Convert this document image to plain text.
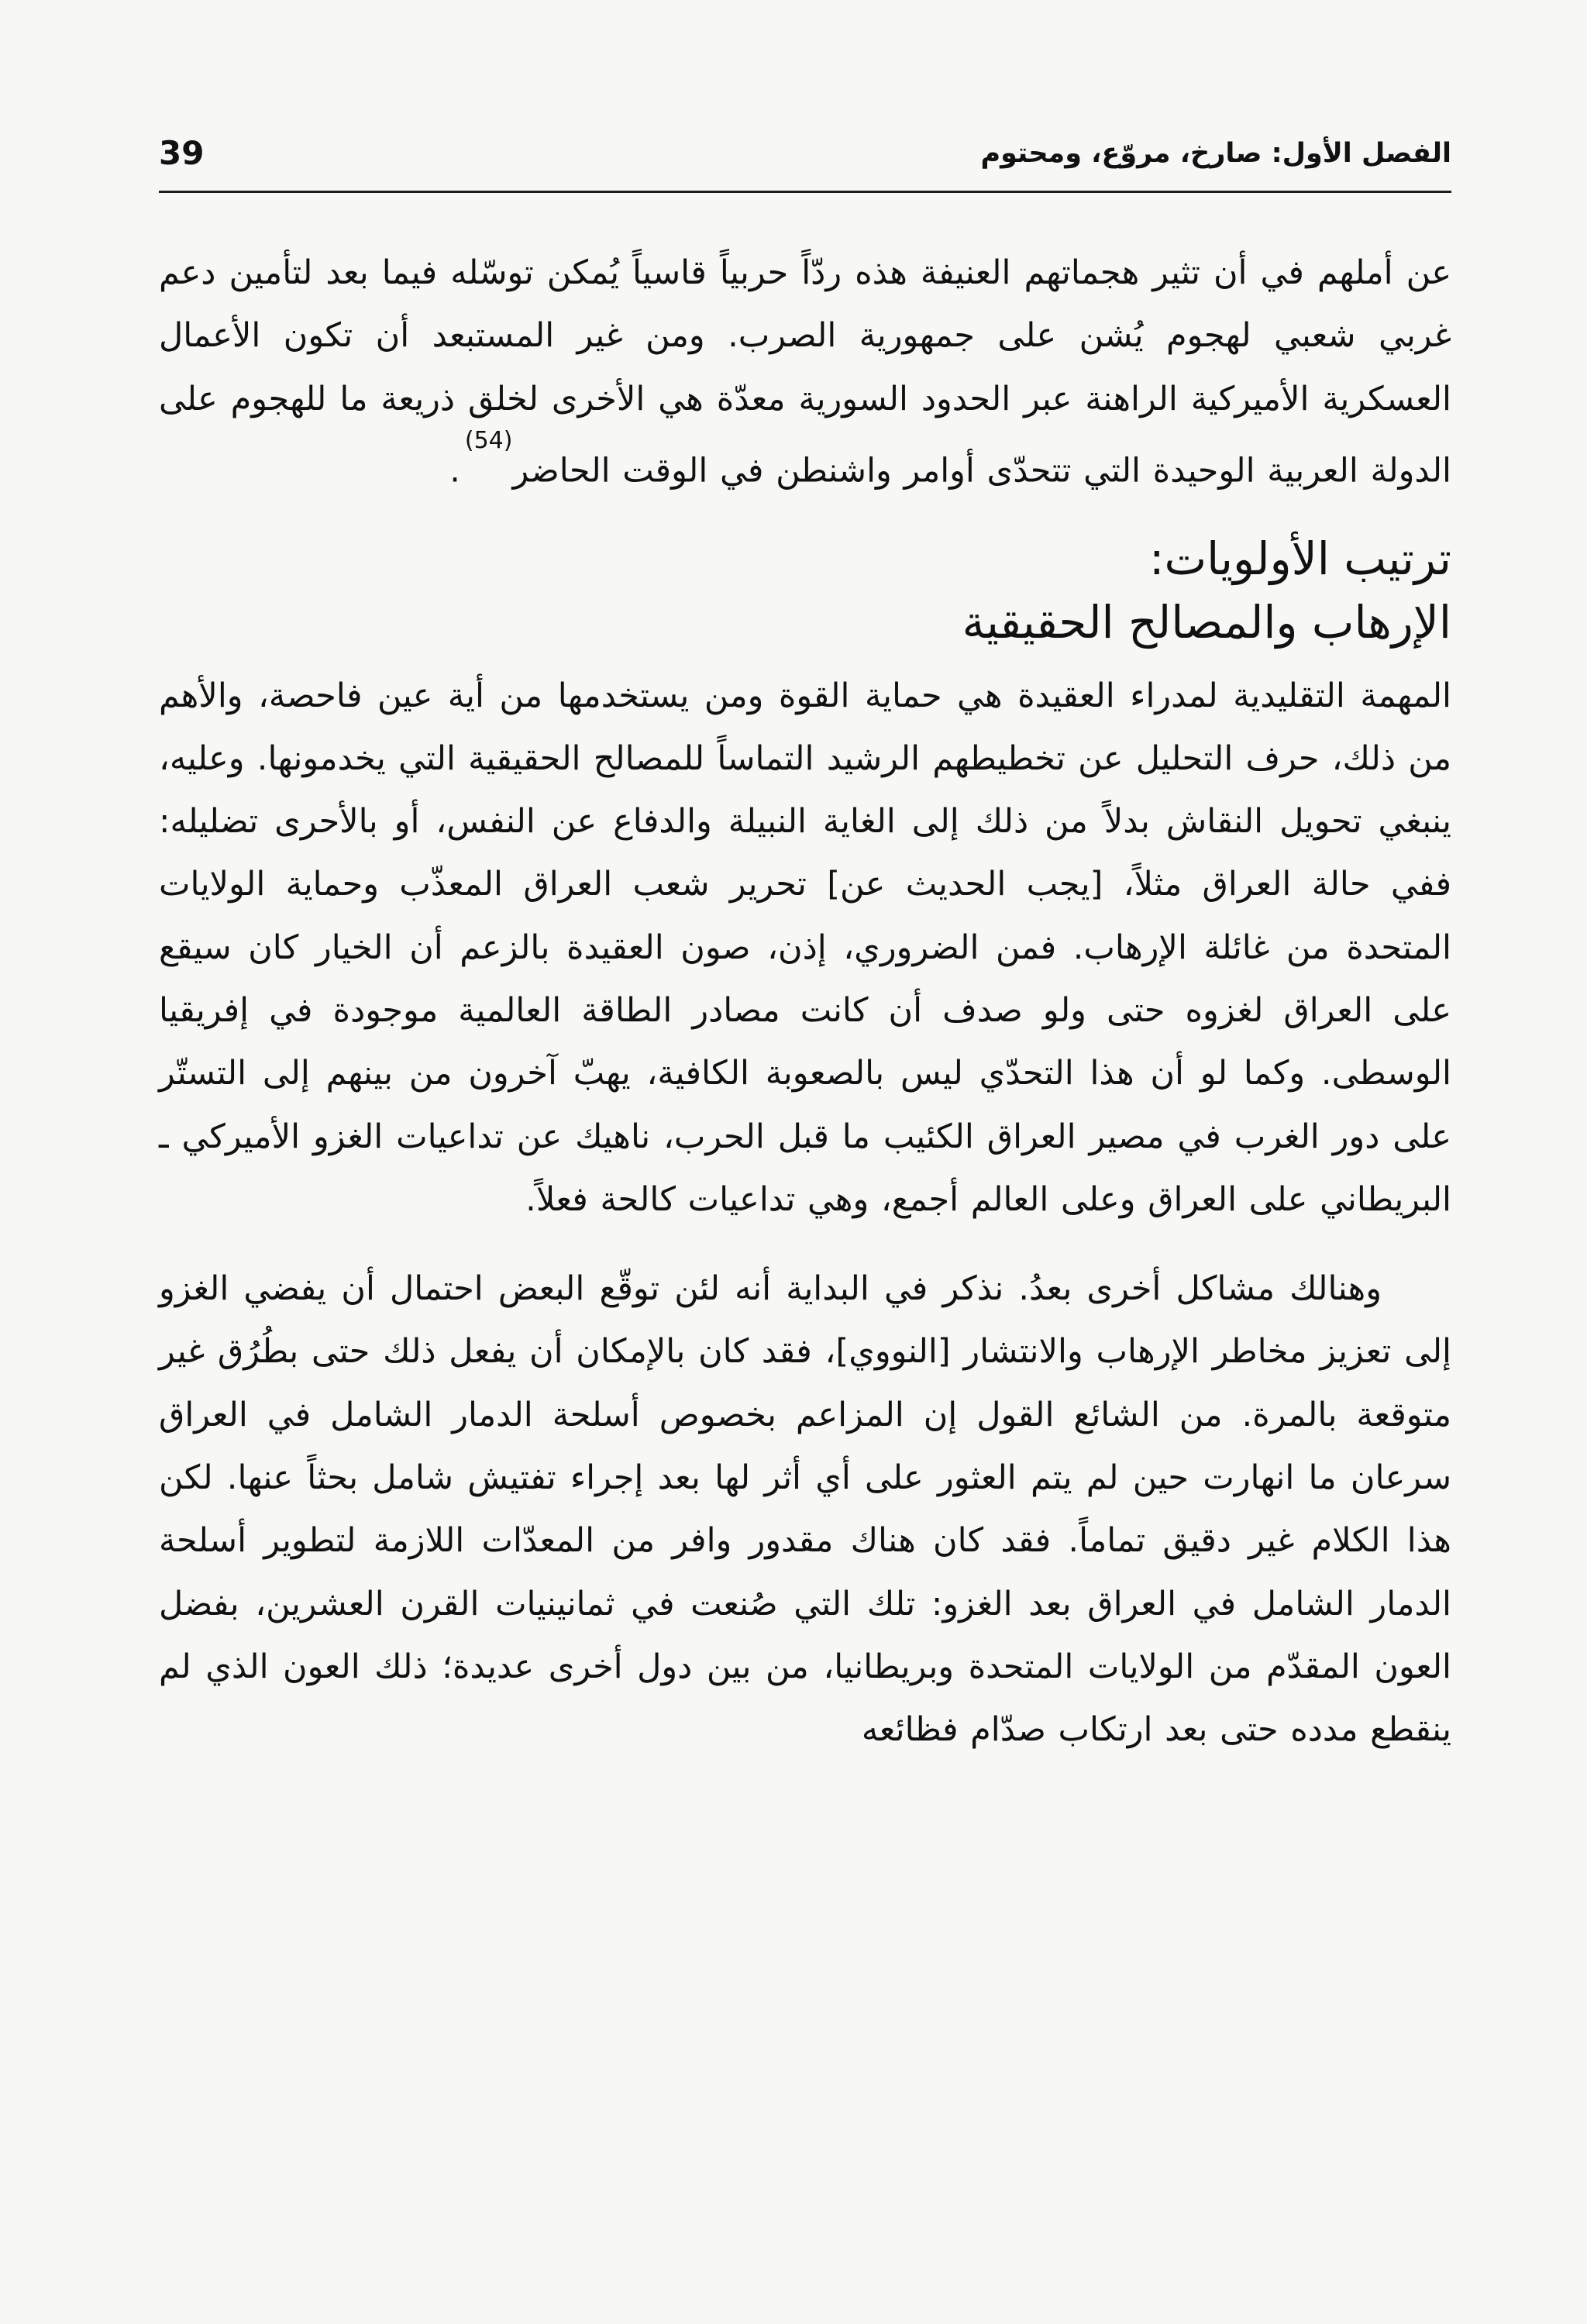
الفصل الأول: صارخ، مروّع، ومحتوم
39

عن أملهم في أن تثير هجماتهم العنيفة هذه ردّاً حربياً قاسياً يُمكن توسّله فيما بعد لتأمين دعم غربي شعبي لهجوم يُشن على جمهورية الصرب. ومن غير المستبعد أن تكون الأعمال العسكرية الأميركية الراهنة عبر الحدود السورية معدّة هي الأخرى لخلق ذريعة ما للهجوم على الدولة العربية الوحيدة التي تتحدّى أوامر واشنطن في الوقت الحاضر$^{(54)}$.

ترتيب الأولويات:
الإرهاب والمصالح الحقيقية

المهمة التقليدية لمدراء العقيدة هي حماية القوة ومن يستخدمها من أية عين فاحصة، والأهم من ذلك، حرف التحليل عن تخطيطهم الرشيد التماساً للمصالح الحقيقية التي يخدمونها. وعليه، ينبغي تحويل النقاش بدلاً من ذلك إلى الغاية النبيلة والدفاع عن النفس، أو بالأحرى تضليله: ففي حالة العراق مثلاً، [يجب الحديث عن] تحرير شعب العراق المعذّب وحماية الولايات المتحدة من غائلة الإرهاب. فمن الضروري، إذن، صون العقيدة بالزعم أن الخيار كان سيقع على العراق لغزوه حتى ولو صدف أن كانت مصادر الطاقة العالمية موجودة في إفريقيا الوسطى. وكما لو أن هذا التحدّي ليس بالصعوبة الكافية، يهبّ آخرون من بينهم إلى التستّر على دور الغرب في مصير العراق الكئيب ما قبل الحرب، ناهيك عن تداعيات الغزو الأميركي ـ البريطاني على العراق وعلى العالم أجمع، وهي تداعيات كالحة فعلاً.

وهنالك مشاكل أخرى بعدُ. نذكر في البداية أنه لئن توقّع البعض احتمال أن يفضي الغزو إلى تعزيز مخاطر الإرهاب والانتشار [النووي]، فقد كان بالإمكان أن يفعل ذلك حتى بطُرُق غير متوقعة بالمرة. من الشائع القول إن المزاعم بخصوص أسلحة الدمار الشامل في العراق سرعان ما انهارت حين لم يتم العثور على أي أثر لها بعد إجراء تفتيش شامل بحثاً عنها. لكن هذا الكلام غير دقيق تماماً. فقد كان هناك مقدور وافر من المعدّات اللازمة لتطوير أسلحة الدمار الشامل في العراق بعد الغزو: تلك التي صُنعت في ثمانينيات القرن العشرين، بفضل العون المقدّم من الولايات المتحدة وبريطانيا، من بين دول أخرى عديدة؛ ذلك العون الذي لم ينقطع مدده حتى بعد ارتكاب صدّام فظائعه
